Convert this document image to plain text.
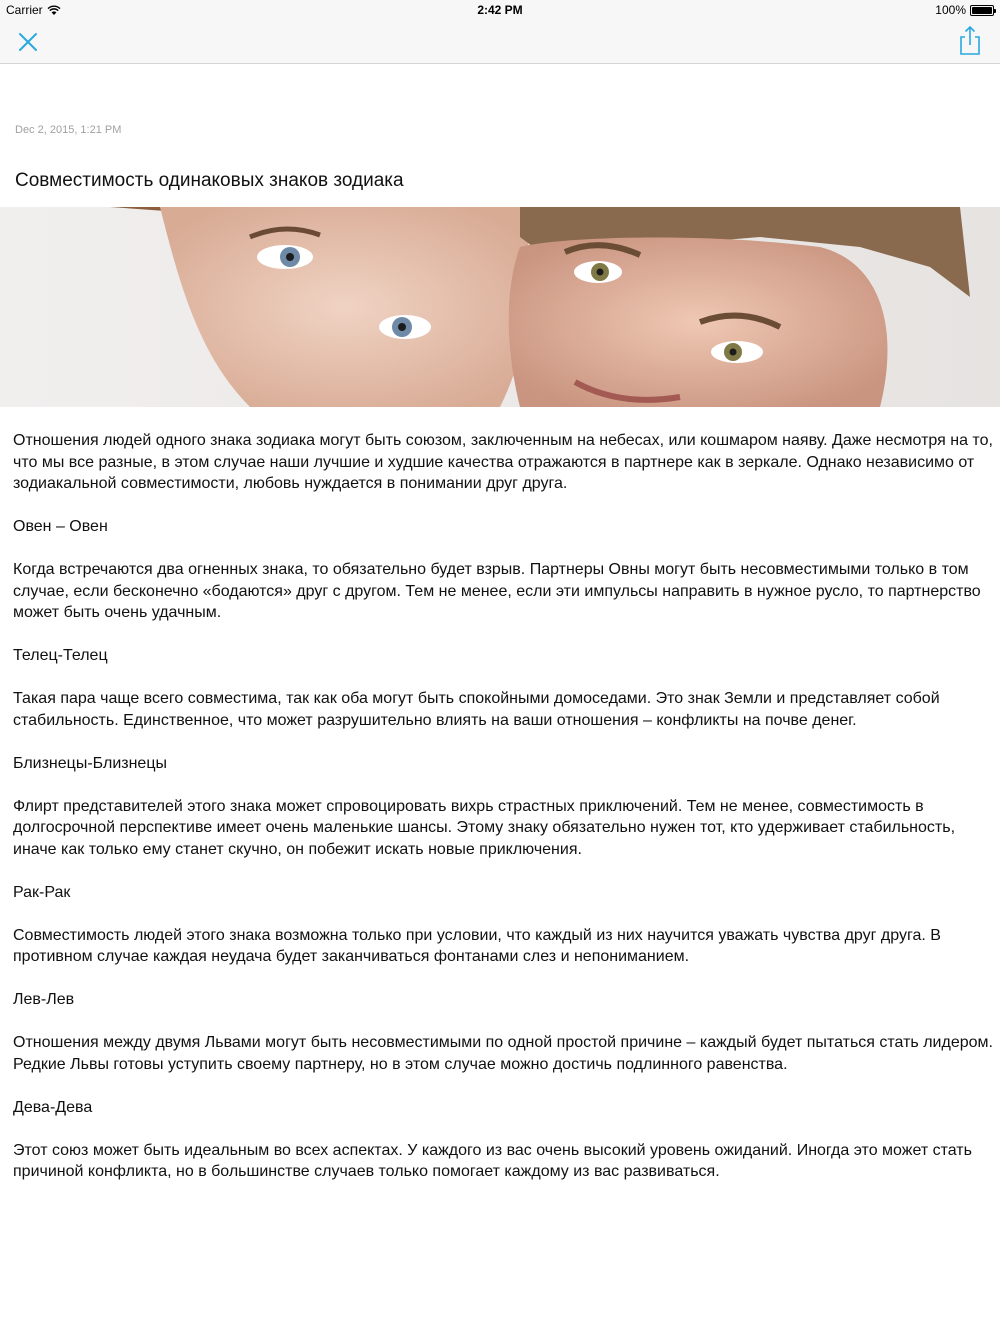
Carrier	2:42 PM	100%
Dec 2, 2015, 1:21 PM
Совместимость одинаковых знаков зодиака

Отношения людей одного знака зодиака могут быть союзом, заключенным на небесах, или кошмаром наяву. Даже несмотря на то, что мы все разные, в этом случае наши лучшие и худшие качества отражаются в партнере как в зеркале. Однако независимо от зодиакальной совместимости, любовь нуждается в понимании друг друга.

Овен – Овен

Когда встречаются два огненных знака, то обязательно будет взрыв. Партнеры Овны могут быть несовместимыми только в том случае, если бесконечно «бодаются» друг с другом. Тем не менее, если эти импульсы направить в нужное русло, то партнерство может быть очень удачным.

Телец-Телец

Такая пара чаще всего совместима, так как оба могут быть спокойными домоседами. Это знак Земли и представляет собой стабильность. Единственное, что может разрушительно влиять на ваши отношения – конфликты на почве денег.

Близнецы-Близнецы

Флирт представителей этого знака может спровоцировать вихрь страстных приключений. Тем не менее, совместимость в долгосрочной перспективе имеет очень маленькие шансы. Этому знаку обязательно нужен тот, кто удерживает стабильность, иначе как только ему станет скучно, он побежит искать новые приключения.

Рак-Рак

Совместимость людей этого знака возможна только при условии, что каждый из них научится уважать чувства друг друга. В противном случае каждая неудача будет заканчиваться фонтанами слез и непониманием.

Лев-Лев

Отношения между двумя Львами могут быть несовместимыми по одной простой причине – каждый будет пытаться стать лидером. Редкие Львы готовы уступить своему партнеру, но в этом случае можно достичь подлинного равенства.

Дева-Дева

Этот союз может быть идеальным во всех аспектах. У каждого из вас очень высокий уровень ожиданий. Иногда это может стать причиной конфликта, но в большинстве случаев только помогает каждому из вас развиваться.
